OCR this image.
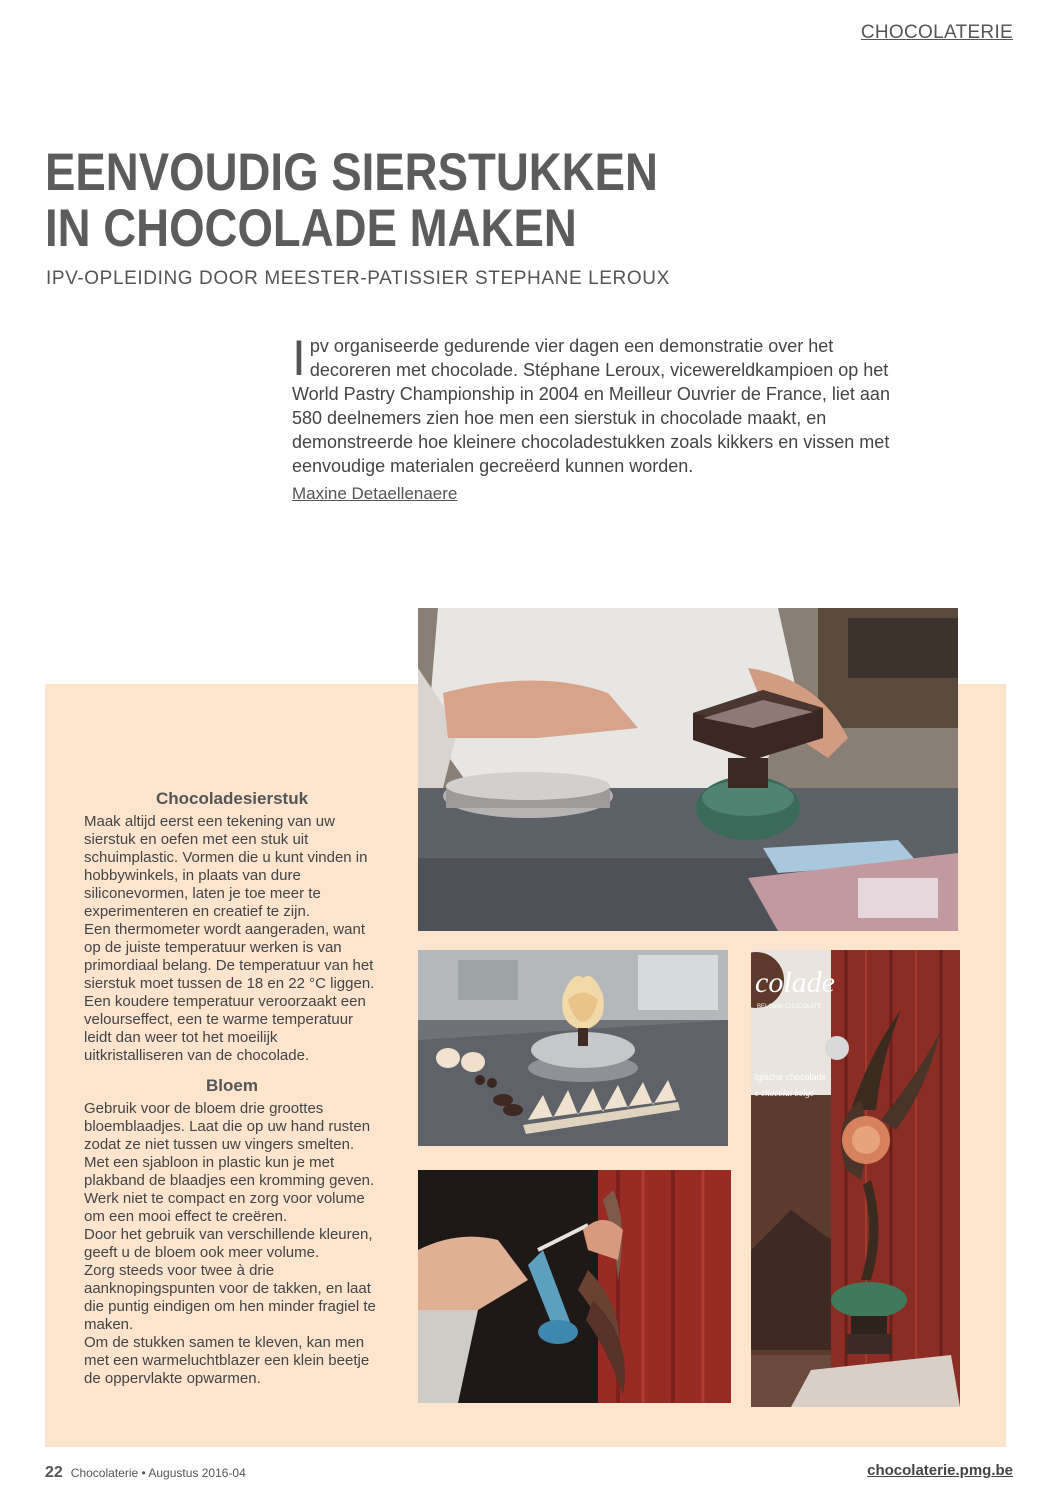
CHOCOLATERIE
EENVOUDIG SIERSTUKKEN
IN CHOCOLADE MAKEN
IPV-OPLEIDING DOOR MEESTER-PATISSIER STEPHANE LEROUX
Ipv organiseerde gedurende vier dagen een demonstratie over het decoreren met chocolade. Stéphane Leroux, vicewereldkampioen op het World Pastry Championship in 2004 en Meilleur Ouvrier de France, liet aan 580 deelnemers zien hoe men een sierstuk in chocolade maakt, en demonstreerde hoe kleinere chocoladestukken zoals kikkers en vissen met eenvoudige materialen gecreëerd kunnen worden.
Maxine Detaellenaere
Chocoladesierstuk

Maak altijd eerst een tekening van uw sierstuk en oefen met een stuk uit schuimplastic. Vormen die u kunt vinden in hobbywinkels, in plaats van dure siliconevormen, laten je toe meer te experimenteren en creatief te zijn.

Een thermometer wordt aangeraden, want op de juiste temperatuur werken is van primordiaal belang. De temperatuur van het sierstuk moet tussen de 18 en 22 °C liggen. Een koudere temperatuur veroorzaakt een velourseffect, een te warme temperatuur leidt dan weer tot het moeilijk uitkristalliseren van de chocolade.

Bloem

Gebruik voor de bloem drie groottes bloemblaadjes. Laat die op uw hand rusten zodat ze niet tussen uw vingers smelten.

Met een sjabloon in plastic kun je met plakband de blaadjes een kromming geven.

Werk niet te compact en zorg voor volume om een mooi effect te creëren.

Door het gebruik van verschillende kleuren, geeft u de bloem ook meer volume.

Zorg steeds voor twee à drie aanknopingspunten voor de takken, en laat die puntig eindigen om hen minder fragiel te maken.

Om de stukken samen te kleven, kan men met een warmeluchtblazer een klein beetje de oppervlakte opwarmen.

colade
BELGIAN CHOCOLATE
lgische chocolade
e chocolat belge
22 Chocolaterie • Augustus 2016-04	chocolaterie.pmg.be
